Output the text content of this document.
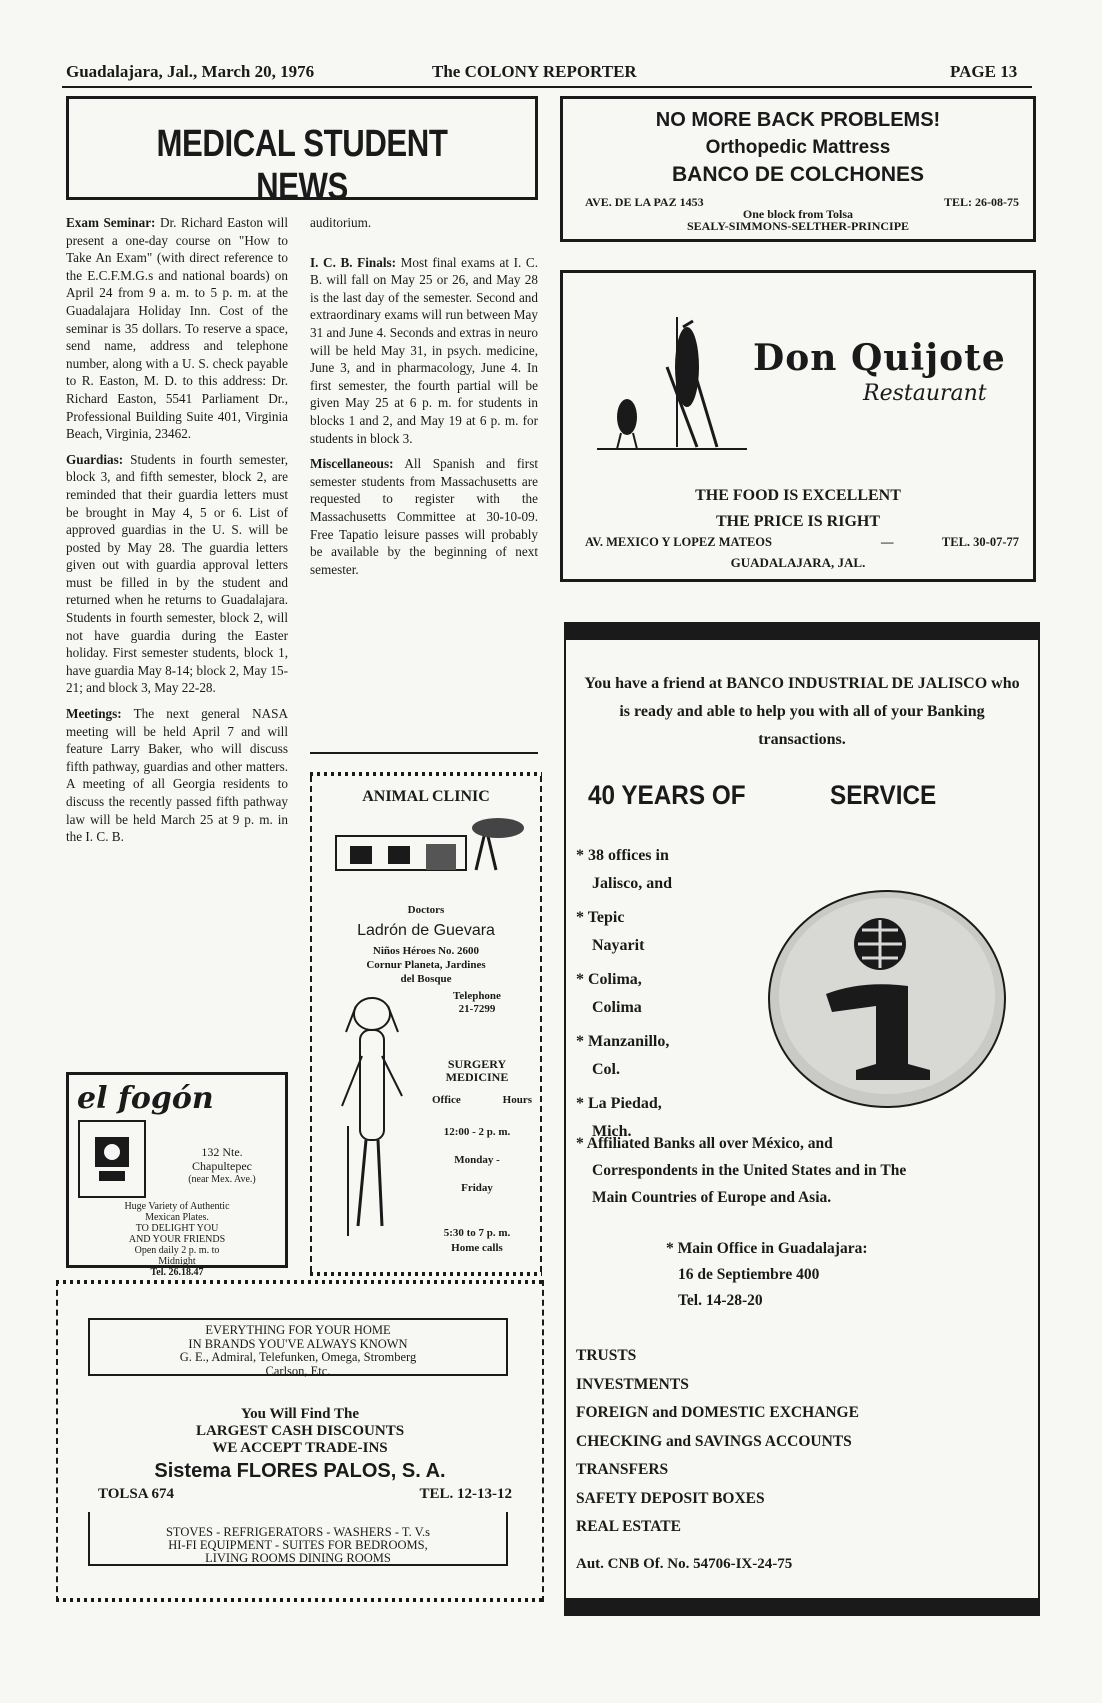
Guadalajara, Jal., March 20, 1976	The COLONY REPORTER	PAGE 13
MEDICAL STUDENT NEWS

Exam Seminar: Dr. Richard Easton will present a one-day course on "How to Take An Exam" (with direct reference to the E.C.F.M.G.s and national boards) on April 24 from 9 a. m. to 5 p. m. at the Guadalajara Holiday Inn. Cost of the seminar is 35 dollars. To reserve a space, send name, address and telephone number, along with a U. S. check payable to R. Easton, M. D. to this address: Dr. Richard Easton, 5541 Parliament Dr., Professional Building Suite 401, Virginia Beach, Virginia, 23462.

Guardias: Students in fourth semester, block 3, and fifth semester, block 2, are reminded that their guardia letters must be brought in May 4, 5 or 6. List of approved guardias in the U. S. will be posted by May 28. The guardia letters given out with guardia approval letters must be filled in by the student and returned when he returns to Guadalajara. Students in fourth semester, block 2, will not have guardia during the Easter holiday. First semester students, block 1, have guardia May 8-14; block 2, May 15-21; and block 3, May 22-28.

Meetings: The next general NASA meeting will be held April 7 and will feature Larry Baker, who will discuss fifth pathway, guardias and other matters. A meeting of all Georgia residents to discuss the recently passed fifth pathway law will be held March 25 at 9 p. m. in the I. C. B.

auditorium.

I. C. B. Finals: Most final exams at I. C. B. will fall on May 25 or 26, and May 28 is the last day of the semester. Second and extraordinary exams will run between May 31 and June 4. Seconds and extras in neuro will be held May 31, in psych. medicine, June 3, and in pharmacology, June 4. In first semester, the fourth partial will be given May 25 at 6 p. m. for students in blocks 1 and 2, and May 19 at 6 p. m. for students in block 3.

Miscellaneous: All Spanish and first semester students from Massachusetts are requested to register with the Massachusetts Committee at 30-10-09. Free Tapatio leisure passes will probably be available by the beginning of next semester.

el fogón
132 Nte.
Chapultepec
(near Mex. Ave.)
Huge Variety of Authentic
Mexican Plates.
TO DELIGHT YOU
AND YOUR FRIENDS
Open daily 2 p. m. to
Midnight
Tel. 26.18.47
ANIMAL CLINIC
Doctors
Ladrón de Guevara
Niños Héroes No. 2600
Cornur Planeta, Jardines
del Bosque
Telephone
21-7299
SURGERY
MEDICINE
Office	Hours
12:00 - 2 p. m.
Monday -
Friday
5:30 to 7 p. m.
Home calls
EVERYTHING FOR YOUR HOME
IN BRANDS YOU'VE ALWAYS KNOWN
G. E., Admiral, Telefunken, Omega, Stromberg
Carlson, Etc.
You Will Find The
LARGEST CASH DISCOUNTS
WE ACCEPT TRADE-INS
Sistema FLORES PALOS, S. A.
TOLSA 674	TEL. 12-13-12
STOVES - REFRIGERATORS - WASHERS - T. V.s
HI-FI EQUIPMENT - SUITES FOR BEDROOMS,
LIVING ROOMS DINING ROOMS
NO MORE BACK PROBLEMS!
Orthopedic Mattress
BANCO DE COLCHONES
AVE. DE LA PAZ 1453	TEL: 26-08-75
One block from Tolsa
SEALY-SIMMONS-SELTHER-PRINCIPE
Don Quijote
Restaurant
THE FOOD IS EXCELLENT
THE PRICE IS RIGHT
AV. MEXICO Y LOPEZ MATEOS	—	TEL. 30-07-77
GUADALAJARA, JAL.
You have a friend at BANCO INDUSTRIAL DE JALISCO who is ready and able to help you with all of your Banking transactions.
40 YEARS OF	SERVICE
* 38 offices in
Jalisco, and
* Tepic
Nayarit
* Colima,
Colima
* Manzanillo,
Col.
* La Piedad,
Mich.
* Affiliated Banks all over México, and
Correspondents in the United States and in The
Main Countries of Europe and Asia.
* Main Office in Guadalajara:
16 de Septiembre 400
Tel. 14-28-20
TRUSTS
INVESTMENTS
FOREIGN and DOMESTIC EXCHANGE
CHECKING and SAVINGS ACCOUNTS
TRANSFERS
SAFETY DEPOSIT BOXES
REAL ESTATE
Aut. CNB Of. No. 54706-IX-24-75
